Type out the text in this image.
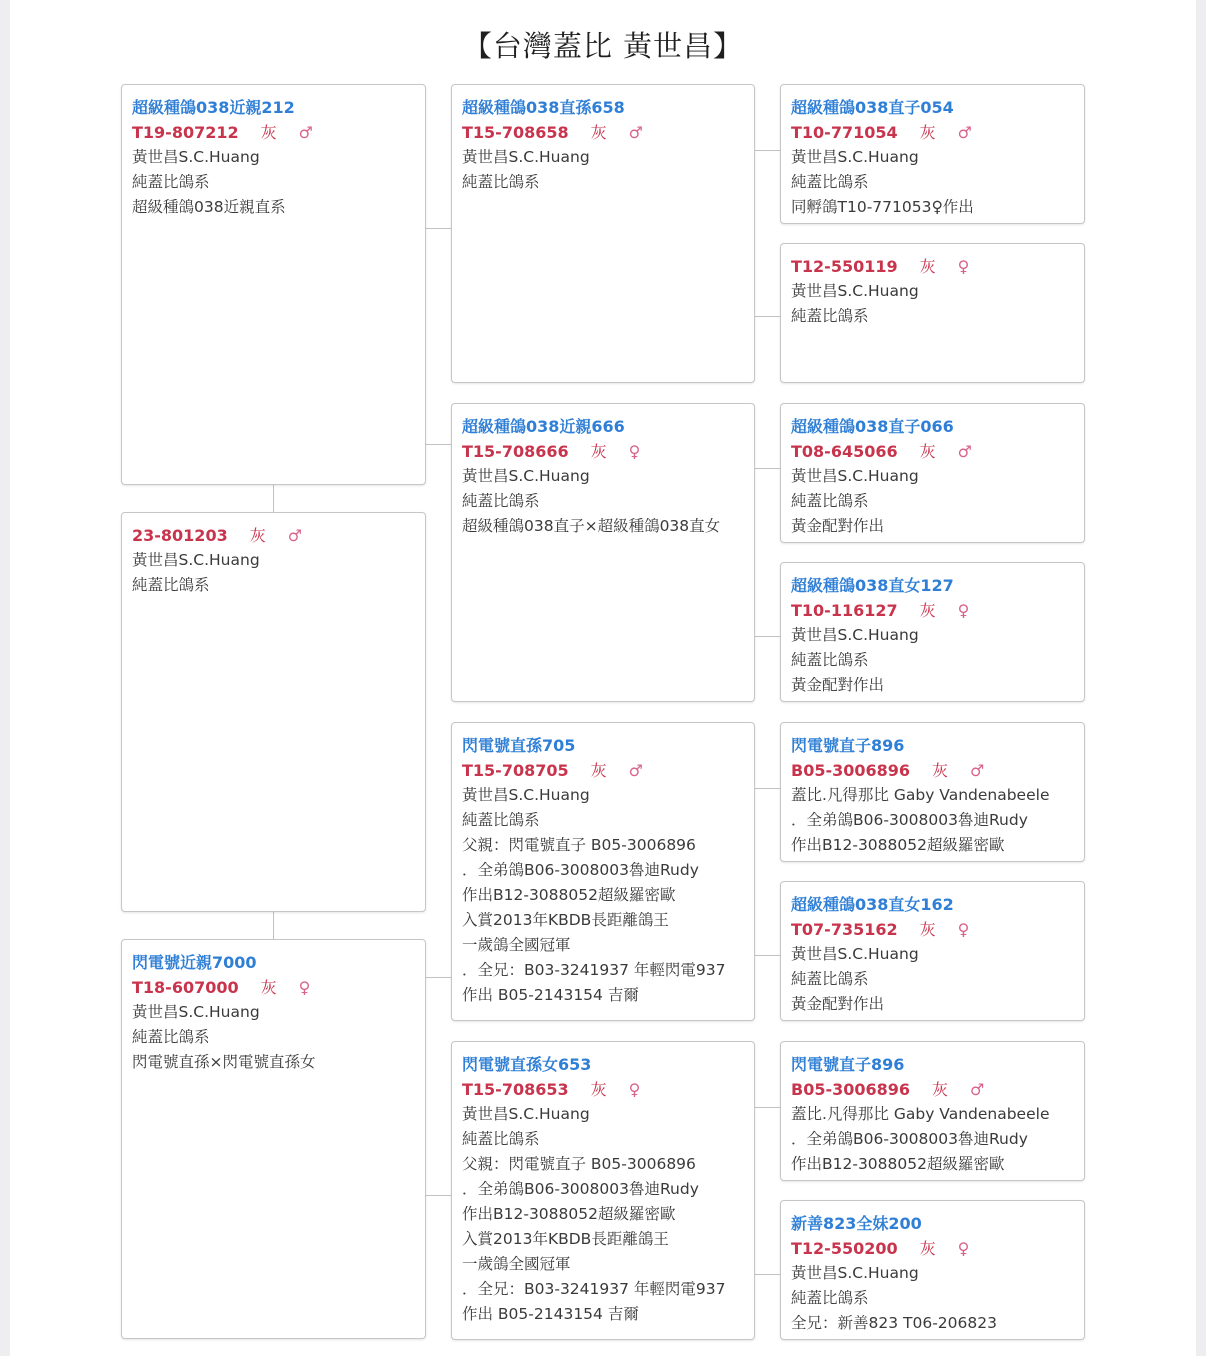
【台灣蓋比 黃世昌】
超級種鴿038近親212
T19-807212 灰 ♂
黃世昌S.C.Huang
純蓋比鴿系
超級種鴿038近親直系
23-801203 灰 ♂
黃世昌S.C.Huang
純蓋比鴿系
閃電號近親7000
T18-607000 灰 ♀
黃世昌S.C.Huang
純蓋比鴿系
閃電號直孫×閃電號直孫女
超級種鴿038直孫658
T15-708658 灰 ♂
黃世昌S.C.Huang
純蓋比鴿系
超級種鴿038近親666
T15-708666 灰 ♀
黃世昌S.C.Huang
純蓋比鴿系
超級種鴿038直子×超級種鴿038直女
閃電號直孫705
T15-708705 灰 ♂
黃世昌S.C.Huang
純蓋比鴿系
父親：閃電號直子 B05-3006896
．全弟鴿B06-3008003魯迪Rudy
作出B12-3088052超級羅密歐
入賞2013年KBDB長距離鴿王
一歲鴿全國冠軍
．全兄：B03-3241937 年輕閃電937
作出 B05-2143154 吉爾
閃電號直孫女653
T15-708653 灰 ♀
黃世昌S.C.Huang
純蓋比鴿系
父親：閃電號直子 B05-3006896
．全弟鴿B06-3008003魯迪Rudy
作出B12-3088052超級羅密歐
入賞2013年KBDB長距離鴿王
一歲鴿全國冠軍
．全兄：B03-3241937 年輕閃電937
作出 B05-2143154 吉爾
超級種鴿038直子054
T10-771054 灰 ♂
黃世昌S.C.Huang
純蓋比鴿系
同孵鴿T10-771053♀作出
T12-550119 灰 ♀
黃世昌S.C.Huang
純蓋比鴿系
超級種鴿038直子066
T08-645066 灰 ♂
黃世昌S.C.Huang
純蓋比鴿系
黃金配對作出
超級種鴿038直女127
T10-116127 灰 ♀
黃世昌S.C.Huang
純蓋比鴿系
黃金配對作出
閃電號直子896
B05-3006896 灰 ♂
蓋比.凡得那比 Gaby Vandenabeele
．全弟鴿B06-3008003魯迪Rudy
作出B12-3088052超級羅密歐
超級種鴿038直女162
T07-735162 灰 ♀
黃世昌S.C.Huang
純蓋比鴿系
黃金配對作出
閃電號直子896
B05-3006896 灰 ♂
蓋比.凡得那比 Gaby Vandenabeele
．全弟鴿B06-3008003魯迪Rudy
作出B12-3088052超級羅密歐
新善823全妹200
T12-550200 灰 ♀
黃世昌S.C.Huang
純蓋比鴿系
全兄：新善823 T06-206823
